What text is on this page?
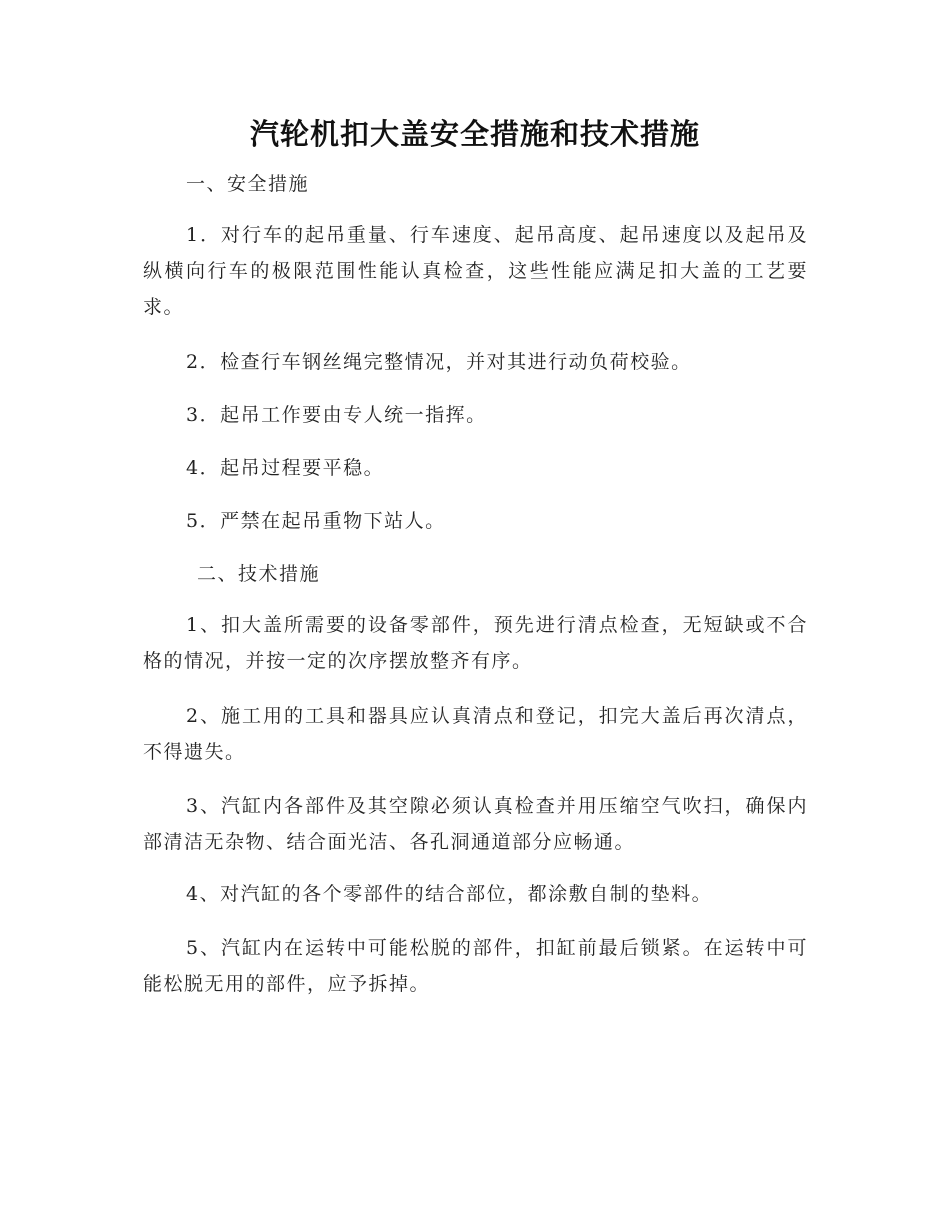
汽轮机扣大盖安全措施和技术措施

一、安全措施

1．对行车的起吊重量、行车速度、起吊高度、起吊速度以及起吊及纵横向行车的极限范围性能认真检查，这些性能应满足扣大盖的工艺要求。

2．检查行车钢丝绳完整情况，并对其进行动负荷校验。

3．起吊工作要由专人统一指挥。

4．起吊过程要平稳。

5．严禁在起吊重物下站人。

二、技术措施

1、扣大盖所需要的设备零部件，预先进行清点检查，无短缺或不合格的情况，并按一定的次序摆放整齐有序。

2、施工用的工具和器具应认真清点和登记，扣完大盖后再次清点，不得遗失。

3、汽缸内各部件及其空隙必须认真检查并用压缩空气吹扫，确保内部清洁无杂物、结合面光洁、各孔洞通道部分应畅通。

4、对汽缸的各个零部件的结合部位，都涂敷自制的垫料。

5、汽缸内在运转中可能松脱的部件，扣缸前最后锁紧。在运转中可能松脱无用的部件，应予拆掉。
